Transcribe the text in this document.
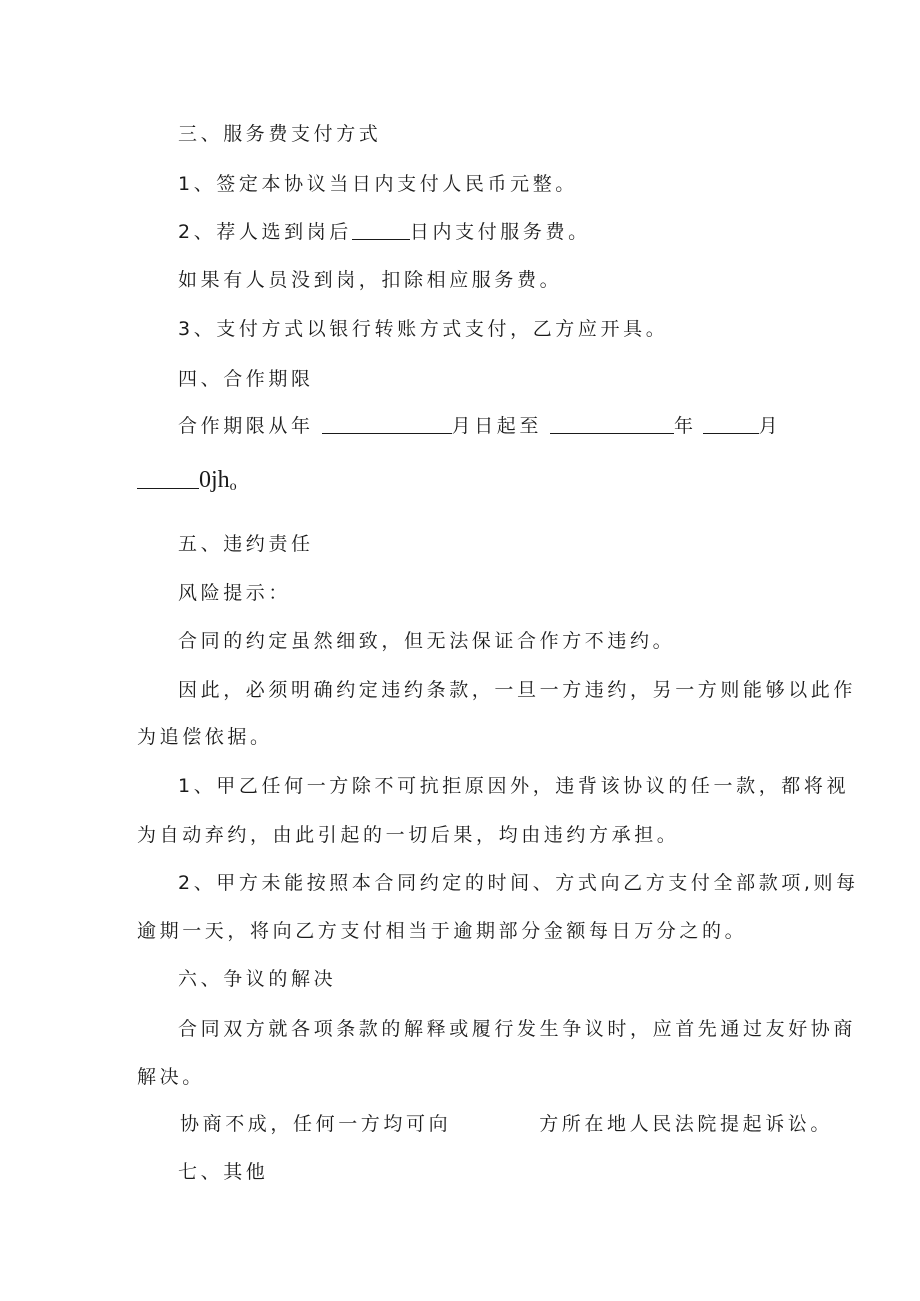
三、服务费支付方式
1、签定本协议当日内支付人民币元整。
2、荐人选到岗后	日内支付服务费。
如果有人员没到岗，扣除相应服务费。
3、支付方式以银行转账方式支付，乙方应开具。
四、合作期限
合作期限从年	月日起至	年	月
$0jh_o$
五、违约责任
风险提示：
合同的约定虽然细致，但无法保证合作方不违约。
因此，必须明确约定违约条款，一旦一方违约，另一方则能够以此作
为追偿依据。
1、甲乙任何一方除不可抗拒原因外，违背该协议的任一款，都将视
为自动弃约，由此引起的一切后果，均由违约方承担。
2、甲方未能按照本合同约定的时间、方式向乙方支付全部款项,则每
逾期一天，将向乙方支付相当于逾期部分金额每日万分之的。
六、争议的解决
合同双方就各项条款的解释或履行发生争议时，应首先通过友好协商
解决。
协商不成，任何一方均可向	方所在地人民法院提起诉讼。
七、其他
